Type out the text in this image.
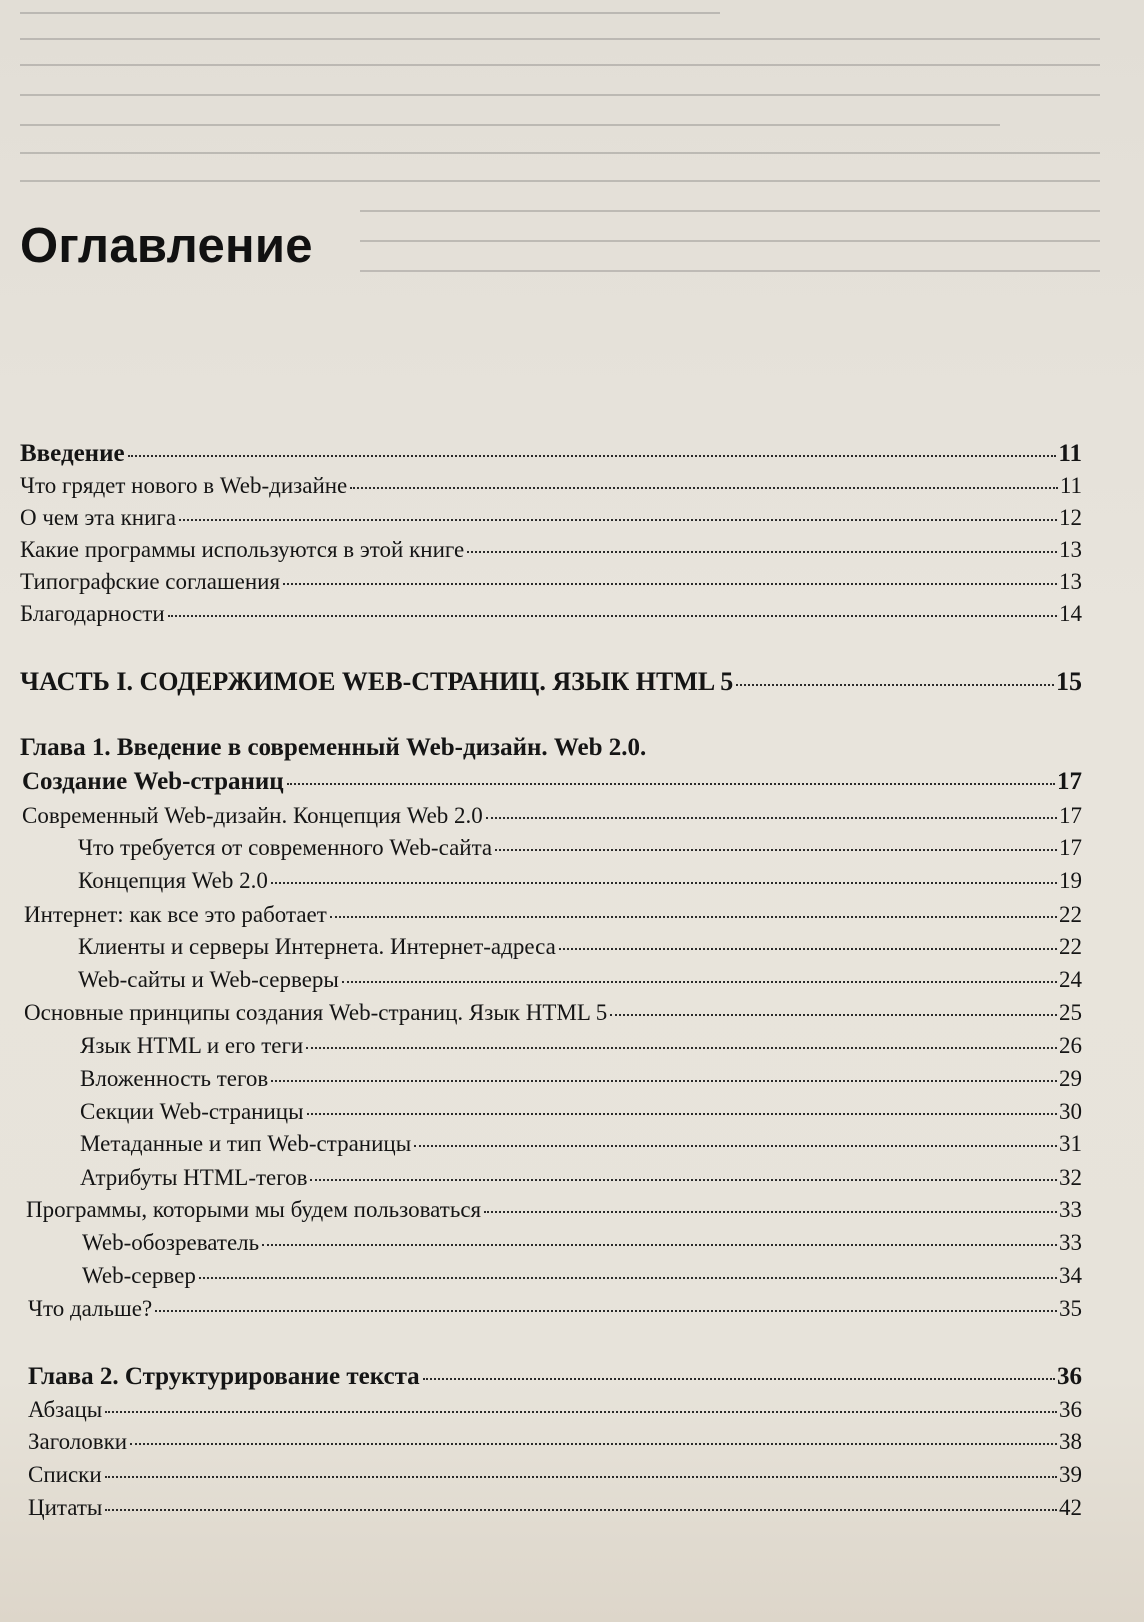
Оглавление
Введение	11
Что грядет нового в Web-дизайне	11
О чем эта книга	12
Какие программы используются в этой книге	13
Типографские соглашения	13
Благодарности	14
ЧАСТЬ I. СОДЕРЖИМОЕ WEB-СТРАНИЦ. ЯЗЫК HTML 5	15
Глава 1. Введение в современный Web-дизайн. Web 2.0.
Создание Web-страниц	17
Современный Web-дизайн. Концепция Web 2.0	17
Что требуется от современного Web-сайта	17
Концепция Web 2.0	19
Интернет: как все это работает	22
Клиенты и серверы Интернета. Интернет-адреса	22
Web-сайты и Web-серверы	24
Основные принципы создания Web-страниц. Язык HTML 5	25
Язык HTML и его теги	26
Вложенность тегов	29
Секции Web-страницы	30
Метаданные и тип Web-страницы	31
Атрибуты HTML-тегов	32
Программы, которыми мы будем пользоваться	33
Web-обозреватель	33
Web-сервер	34
Что дальше?	35
Глава 2. Структурирование текста	36
Абзацы	36
Заголовки	38
Списки	39
Цитаты	42
